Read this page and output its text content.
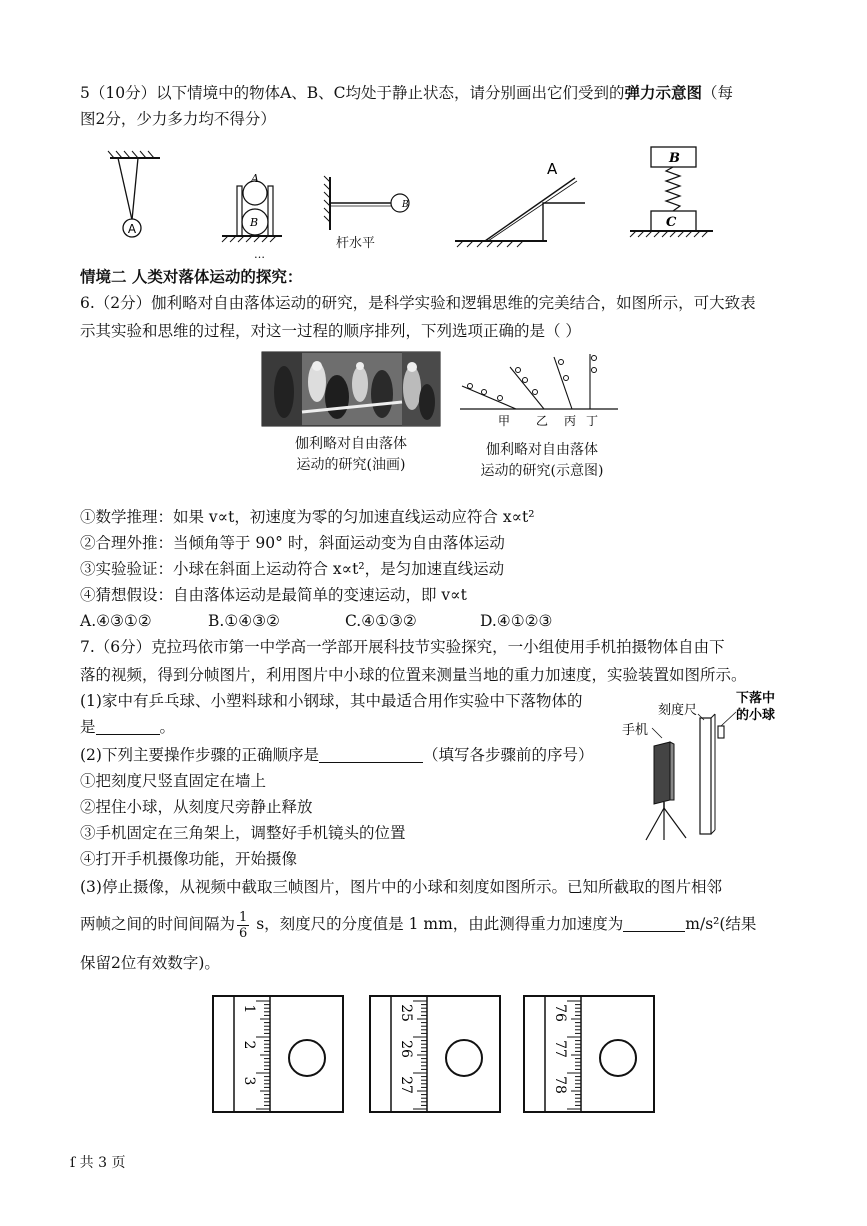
5（10分）以下情境中的物体A、B、C均处于静止状态，请分别画出它们受到的弹力示意图（每
图2分，少力多力均不得分）
A
A
B
…
B
杆水平
A
B
C
情境二 人类对落体运动的探究：
6.（2分）伽利略对自由落体运动的研究，是科学实验和逻辑思维的完美结合，如图所示，可大致表
示其实验和思维的过程，对这一过程的顺序排列，下列选项正确的是（ ）
伽利略对自由落体
运动的研究(油画)
甲 乙 丙 丁
伽利略对自由落体
运动的研究(示意图)
①数学推理：如果 v∝t，初速度为零的匀加速直线运动应符合 x∝t²
②合理外推：当倾角等于 90° 时，斜面运动变为自由落体运动
③实验验证：小球在斜面上运动符合 x∝t²，是匀加速直线运动
④猜想假设：自由落体运动是最简单的变速运动，即 v∝t
A.④③①②	B.①④③②	C.④①③②	D.④①②③
7.（6分）克拉玛依市第一中学高一学部开展科技节实验探究，一小组使用手机拍摄物体自由下
落的视频，得到分帧图片，利用图片中小球的位置来测量当地的重力加速度，实验装置如图所示。
(1)家中有乒乓球、小塑料球和小钢球，其中最适合用作实验中下落物体的
是	。
(2)下列主要操作步骤的正确顺序是	（填写各步骤前的序号）
①把刻度尺竖直固定在墙上
②捏住小球，从刻度尺旁静止释放
③手机固定在三角架上，调整好手机镜头的位置
④打开手机摄像功能，开始摄像
刻度尺
手机
下落中
的小球
(3)停止摄像，从视频中截取三帧图片，图片中的小球和刻度如图所示。已知所截取的图片相邻
两帧之间的时间间隔为 $\frac{1}{6}$ s，刻度尺的分度值是 1 mm，由此测得重力加速度为	m/s²(结果
保留2位有效数字)。
1
2
3
25
26
27
76
77
78
ſ 共 3 页
